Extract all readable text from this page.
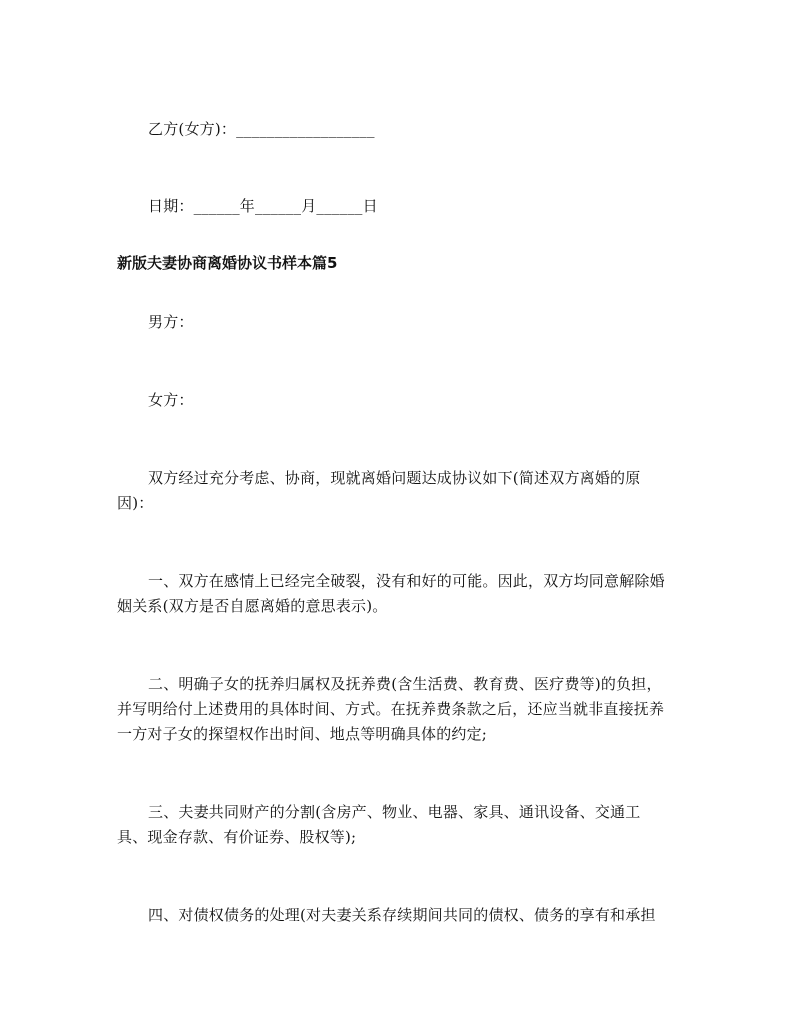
乙方(女方)：__________________
日期：______年______月______日
新版夫妻协商离婚协议书样本篇5
男方：
女方：
双方经过充分考虑、协商，现就离婚问题达成协议如下(简述双方离婚的原
因)：
一、双方在感情上已经完全破裂，没有和好的可能。因此，双方均同意解除婚
姻关系(双方是否自愿离婚的意思表示)。
二、明确子女的抚养归属权及抚养费(含生活费、教育费、医疗费等)的负担，
并写明给付上述费用的具体时间、方式。在抚养费条款之后，还应当就非直接抚养
一方对子女的探望权作出时间、地点等明确具体的约定;
三、夫妻共同财产的分割(含房产、物业、电器、家具、通讯设备、交通工
具、现金存款、有价证券、股权等);
四、对债权债务的处理(对夫妻关系存续期间共同的债权、债务的享有和承担
